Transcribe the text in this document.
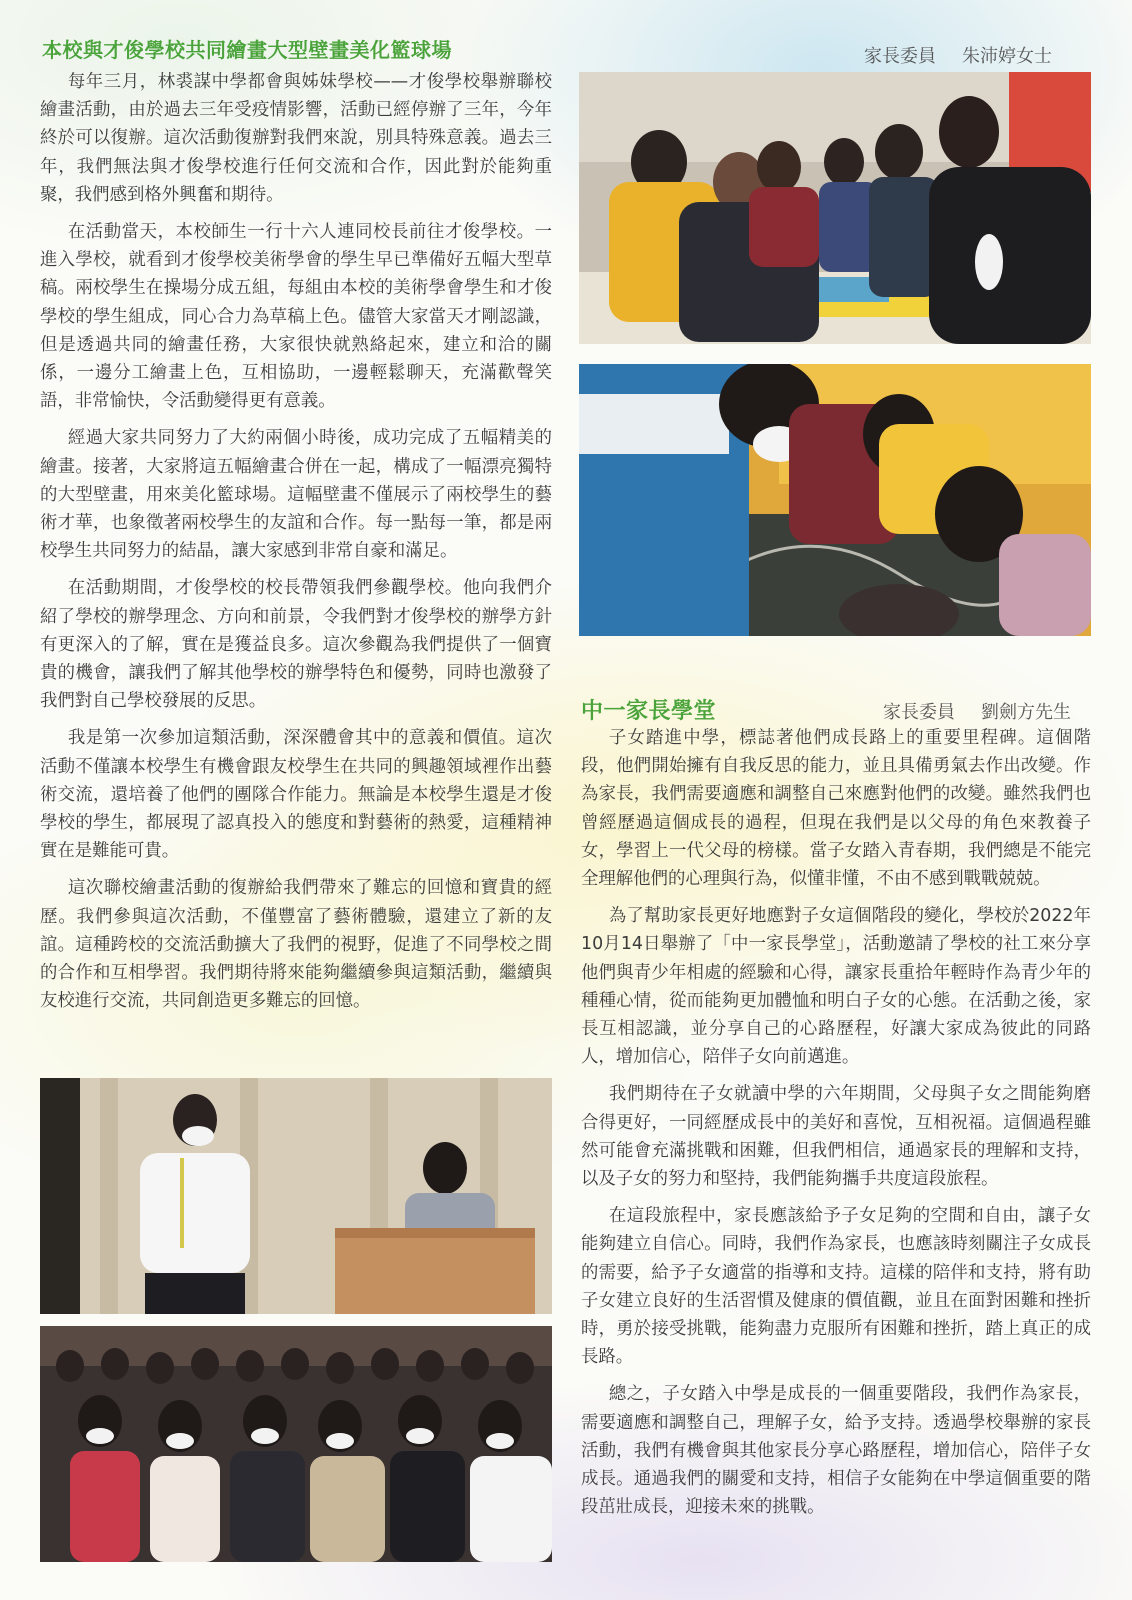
本校與才俊學校共同繪畫大型壁畫美化籃球場	家長委員 朱沛婷女士

每年三月，林裘謀中學都會與姊妹學校——才俊學校舉辦聯校繪畫活動，由於過去三年受疫情影響，活動已經停辦了三年，今年終於可以復辦。這次活動復辦對我們來說，別具特殊意義。過去三年，我們無法與才俊學校進行任何交流和合作，因此對於能夠重聚，我們感到格外興奮和期待。

在活動當天，本校師生一行十六人連同校長前往才俊學校。一進入學校，就看到才俊學校美術學會的學生早已準備好五幅大型草稿。兩校學生在操場分成五組，每組由本校的美術學會學生和才俊學校的學生組成，同心合力為草稿上色。儘管大家當天才剛認識，但是透過共同的繪畫任務，大家很快就熟絡起來，建立和洽的關係，一邊分工繪畫上色，互相協助，一邊輕鬆聊天，充滿歡聲笑語，非常愉快，令活動變得更有意義。

經過大家共同努力了大約兩個小時後，成功完成了五幅精美的繪畫。接著，大家將這五幅繪畫合併在一起，構成了一幅漂亮獨特的大型壁畫，用來美化籃球場。這幅壁畫不僅展示了兩校學生的藝術才華，也象徵著兩校學生的友誼和合作。每一點每一筆，都是兩校學生共同努力的結晶，讓大家感到非常自豪和滿足。

在活動期間，才俊學校的校長帶領我們參觀學校。他向我們介紹了學校的辦學理念、方向和前景，令我們對才俊學校的辦學方針有更深入的了解，實在是獲益良多。這次參觀為我們提供了一個寶貴的機會，讓我們了解其他學校的辦學特色和優勢，同時也激發了我們對自己學校發展的反思。

我是第一次參加這類活動，深深體會其中的意義和價值。這次活動不僅讓本校學生有機會跟友校學生在共同的興趣領域裡作出藝術交流，還培養了他們的團隊合作能力。無論是本校學生還是才俊學校的學生，都展現了認真投入的態度和對藝術的熱愛，這種精神實在是難能可貴。

這次聯校繪畫活動的復辦給我們帶來了難忘的回憶和寶貴的經歷。我們參與這次活動，不僅豐富了藝術體驗，還建立了新的友誼。這種跨校的交流活動擴大了我們的視野，促進了不同學校之間的合作和互相學習。我們期待將來能夠繼續參與這類活動，繼續與友校進行交流，共同創造更多難忘的回憶。

中一家長學堂	家長委員 劉劍方先生

子女踏進中學，標誌著他們成長路上的重要里程碑。這個階段，他們開始擁有自我反思的能力，並且具備勇氣去作出改變。作為家長，我們需要適應和調整自己來應對他們的改變。雖然我們也曾經歷過這個成長的過程，但現在我們是以父母的角色來教養子女，學習上一代父母的榜樣。當子女踏入青春期，我們總是不能完全理解他們的心理與行為，似懂非懂，不由不感到戰戰兢兢。

為了幫助家長更好地應對子女這個階段的變化，學校於2022年10月14日舉辦了「中一家長學堂」，活動邀請了學校的社工來分享他們與青少年相處的經驗和心得，讓家長重拾年輕時作為青少年的種種心情，從而能夠更加體恤和明白子女的心態。在活動之後，家長互相認識，並分享自己的心路歷程，好讓大家成為彼此的同路人，增加信心，陪伴子女向前邁進。

我們期待在子女就讀中學的六年期間，父母與子女之間能夠磨合得更好，一同經歷成長中的美好和喜悅，互相祝福。這個過程雖然可能會充滿挑戰和困難，但我們相信，通過家長的理解和支持，以及子女的努力和堅持，我們能夠攜手共度這段旅程。

在這段旅程中，家長應該給予子女足夠的空間和自由，讓子女能夠建立自信心。同時，我們作為家長，也應該時刻關注子女成長的需要，給予子女適當的指導和支持。這樣的陪伴和支持，將有助子女建立良好的生活習慣及健康的價值觀，並且在面對困難和挫折時，勇於接受挑戰，能夠盡力克服所有困難和挫折，踏上真正的成長路。

總之，子女踏入中學是成長的一個重要階段，我們作為家長，需要適應和調整自己，理解子女，給予支持。透過學校舉辦的家長活動，我們有機會與其他家長分享心路歷程，增加信心，陪伴子女成長。通過我們的關愛和支持，相信子女能夠在中學這個重要的階段茁壯成長，迎接未來的挑戰。
